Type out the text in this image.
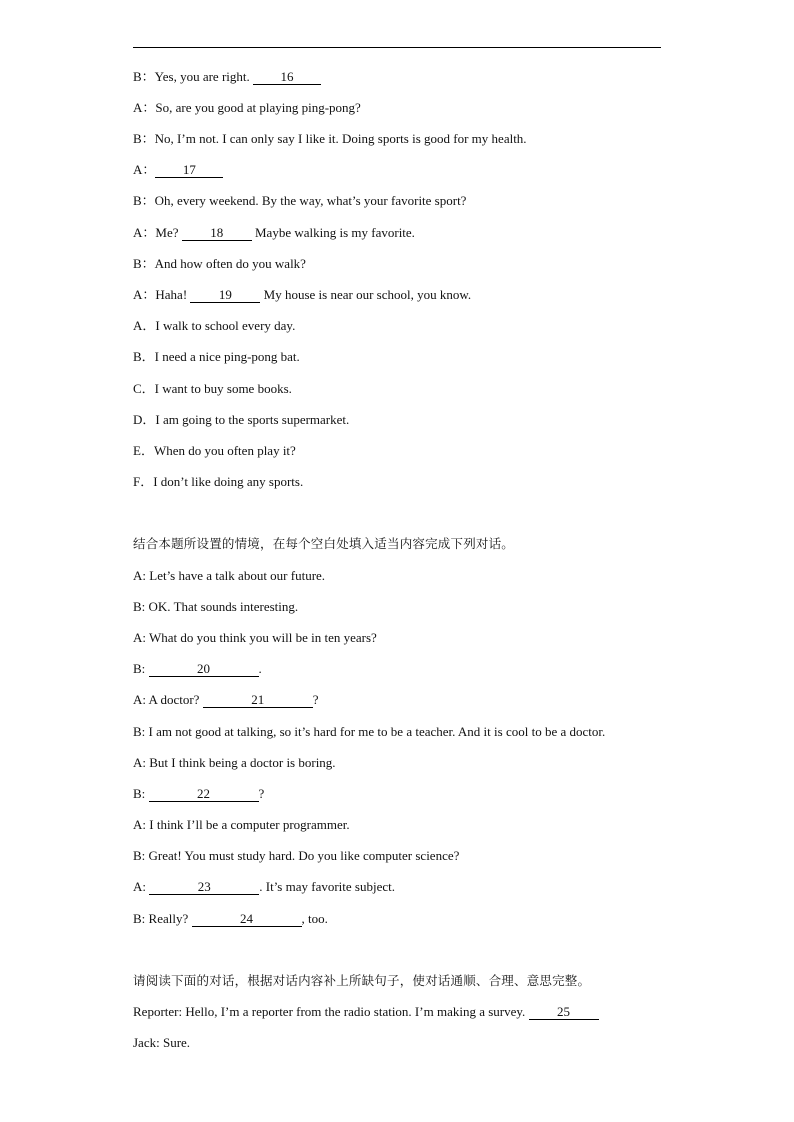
B：Yes, you are right. 16
A：So, are you good at playing ping-pong?
B：No, I’m not. I can only say I like it. Doing sports is good for my health.
A： 17
B：Oh, every weekend. By the way, what’s your favorite sport?
A：Me? 18 Maybe walking is my favorite.
B：And how often do you walk?
A：Haha! 19 My house is near our school, you know.
A．I walk to school every day.
B．I need a nice ping-pong bat.
C．I want to buy some books.
D．I am going to the sports supermarket.
E．When do you often play it?
F．I don’t like doing any sports.
结合本题所设置的情境，在每个空白处填入适当内容完成下列对话。
A: Let’s have a talk about our future.
B: OK. That sounds interesting.
A: What do you think you will be in ten years?
B:	20	.
A: A doctor?	21	?
B: I am not good at talking, so it’s hard for me to be a teacher. And it is cool to be a doctor.
A: But I think being a doctor is boring.
B:	22	?
A: I think I’ll be a computer programmer.
B: Great! You must study hard. Do you like computer science?
A:	23	. It’s may favorite subject.
B: Really?	24	, too.
请阅读下面的对话，根据对话内容补上所缺句子，使对话通顺、合理、意思完整。
Reporter: Hello, I’m a reporter from the radio station. I’m making a survey. 25
Jack: Sure.
